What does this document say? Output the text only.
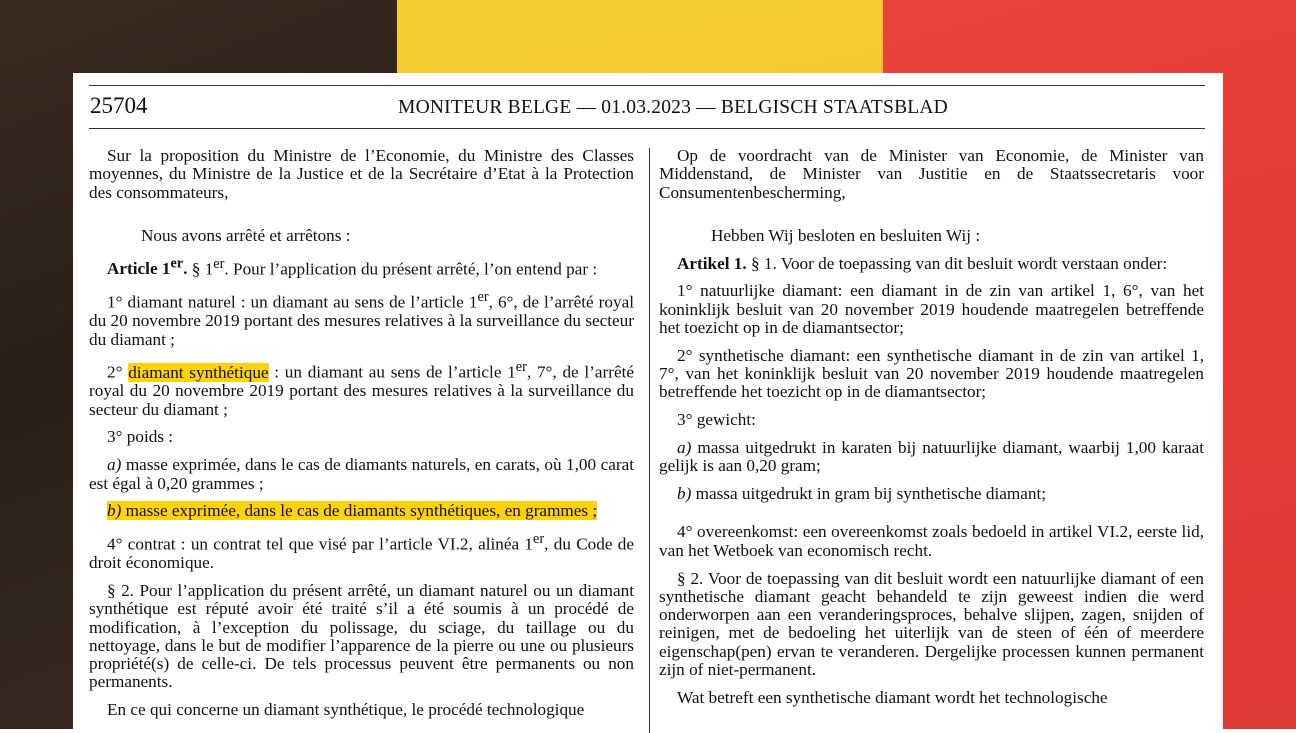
25704	MONITEUR BELGE — 01.03.2023 — BELGISCH STAATSBLAD

Sur la proposition du Ministre de l’Economie, du Ministre des Classes moyennes, du Ministre de la Justice et de la Secrétaire d’Etat à la Protection des consommateurs,

Nous avons arrêté et arrêtons :

Article 1er. § 1er. Pour l’application du présent arrêté, l’on entend par :

1° diamant naturel : un diamant au sens de l’article 1er, 6°, de l’arrêté royal du 20 novembre 2019 portant des mesures relatives à la surveillance du secteur du diamant ;

2° diamant synthétique : un diamant au sens de l’article 1er, 7°, de l’arrêté royal du 20 novembre 2019 portant des mesures relatives à la surveillance du secteur du diamant ;

3° poids :

a) masse exprimée, dans le cas de diamants naturels, en carats, où 1,00 carat est égal à 0,20 grammes ;

b) masse exprimée, dans le cas de diamants synthétiques, en grammes ;

4° contrat : un contrat tel que visé par l’article VI.2, alinéa 1er, du Code de droit économique.

§ 2. Pour l’application du présent arrêté, un diamant naturel ou un diamant synthétique est réputé avoir été traité s’il a été soumis à un procédé de modification, à l’exception du polissage, du sciage, du taillage ou du nettoyage, dans le but de modifier l’apparence de la pierre ou une ou plusieurs propriété(s) de celle-ci. De tels processus peuvent être permanents ou non permanents.

En ce qui concerne un diamant synthétique, le procédé technologique

Op de voordracht van de Minister van Economie, de Minister van Middenstand, de Minister van Justitie en de Staatssecretaris voor Consumentenbescherming,

Hebben Wij besloten en besluiten Wij :

Artikel 1. § 1. Voor de toepassing van dit besluit wordt verstaan onder:

1° natuurlijke diamant: een diamant in de zin van artikel 1, 6°, van het koninklijk besluit van 20 november 2019 houdende maatregelen betreffende het toezicht op in de diamantsector;

2° synthetische diamant: een synthetische diamant in de zin van artikel 1, 7°, van het koninklijk besluit van 20 november 2019 houdende maatregelen betreffende het toezicht op in de diamantsector;

3° gewicht:

a) massa uitgedrukt in karaten bij natuurlijke diamant, waarbij 1,00 karaat gelijk is aan 0,20 gram;

b) massa uitgedrukt in gram bij synthetische diamant;

4° overeenkomst: een overeenkomst zoals bedoeld in artikel VI.2, eerste lid, van het Wetboek van economisch recht.

§ 2. Voor de toepassing van dit besluit wordt een natuurlijke diamant of een synthetische diamant geacht behandeld te zijn geweest indien die werd onderworpen aan een veranderingsproces, behalve slijpen, zagen, snijden of reinigen, met de bedoeling het uiterlijk van de steen of één of meerdere eigenschap(pen) ervan te veranderen. Dergelijke processen kunnen permanent zijn of niet-permanent.

Wat betreft een synthetische diamant wordt het technologische
